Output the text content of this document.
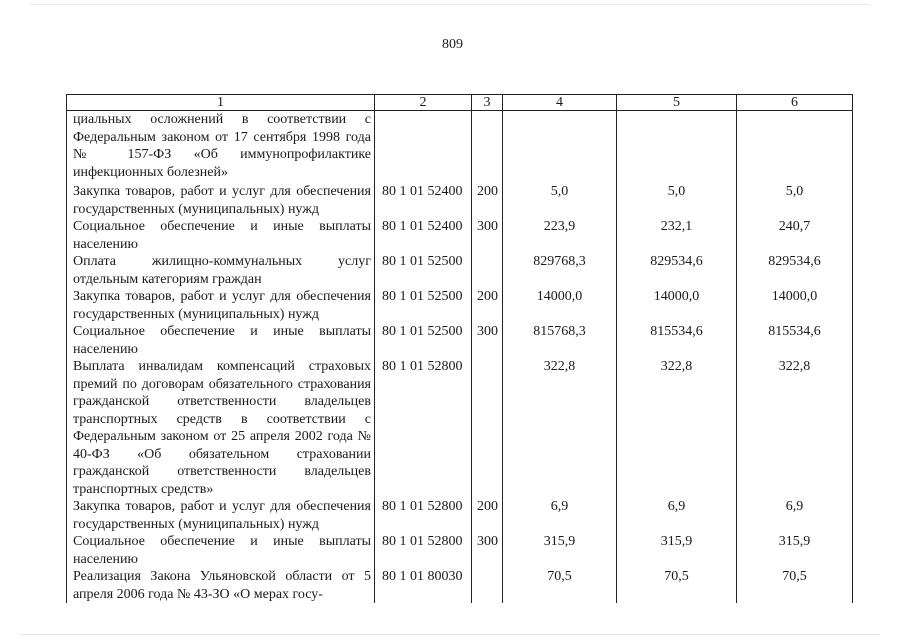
809
1	2	3	4	5	6
циальных осложнений в соответствии с Федеральным законом от 17 сентября 1998 года № 157-ФЗ «Об иммунопрофилактике инфекционных болезней»					
Закупка товаров, работ и услуг для обеспечения государственных (муниципальных) нужд	80 1 01 52400	200	5,0	5,0	5,0
Социальное обеспечение и иные выплаты населению	80 1 01 52400	300	223,9	232,1	240,7
Оплата жилищно-коммунальных услуг отдельным категориям граждан	80 1 01 52500		829768,3	829534,6	829534,6
Закупка товаров, работ и услуг для обеспечения государственных (муниципальных) нужд	80 1 01 52500	200	14000,0	14000,0	14000,0
Социальное обеспечение и иные выплаты населению	80 1 01 52500	300	815768,3	815534,6	815534,6
Выплата инвалидам компенсаций страховых премий по договорам обязательного страхования гражданской ответственности владельцев транспортных средств в соответствии с Федеральным законом от 25 апреля 2002 года № 40-ФЗ «Об обязательном страховании гражданской ответственности владельцев транспортных средств»	80 1 01 52800		322,8	322,8	322,8
Закупка товаров, работ и услуг для обеспечения государственных (муниципальных) нужд	80 1 01 52800	200	6,9	6,9	6,9
Социальное обеспечение и иные выплаты населению	80 1 01 52800	300	315,9	315,9	315,9
Реализация Закона Ульяновской области от 5 апреля 2006 года № 43-ЗО «О мерах госу-	80 1 01 80030		70,5	70,5	70,5
